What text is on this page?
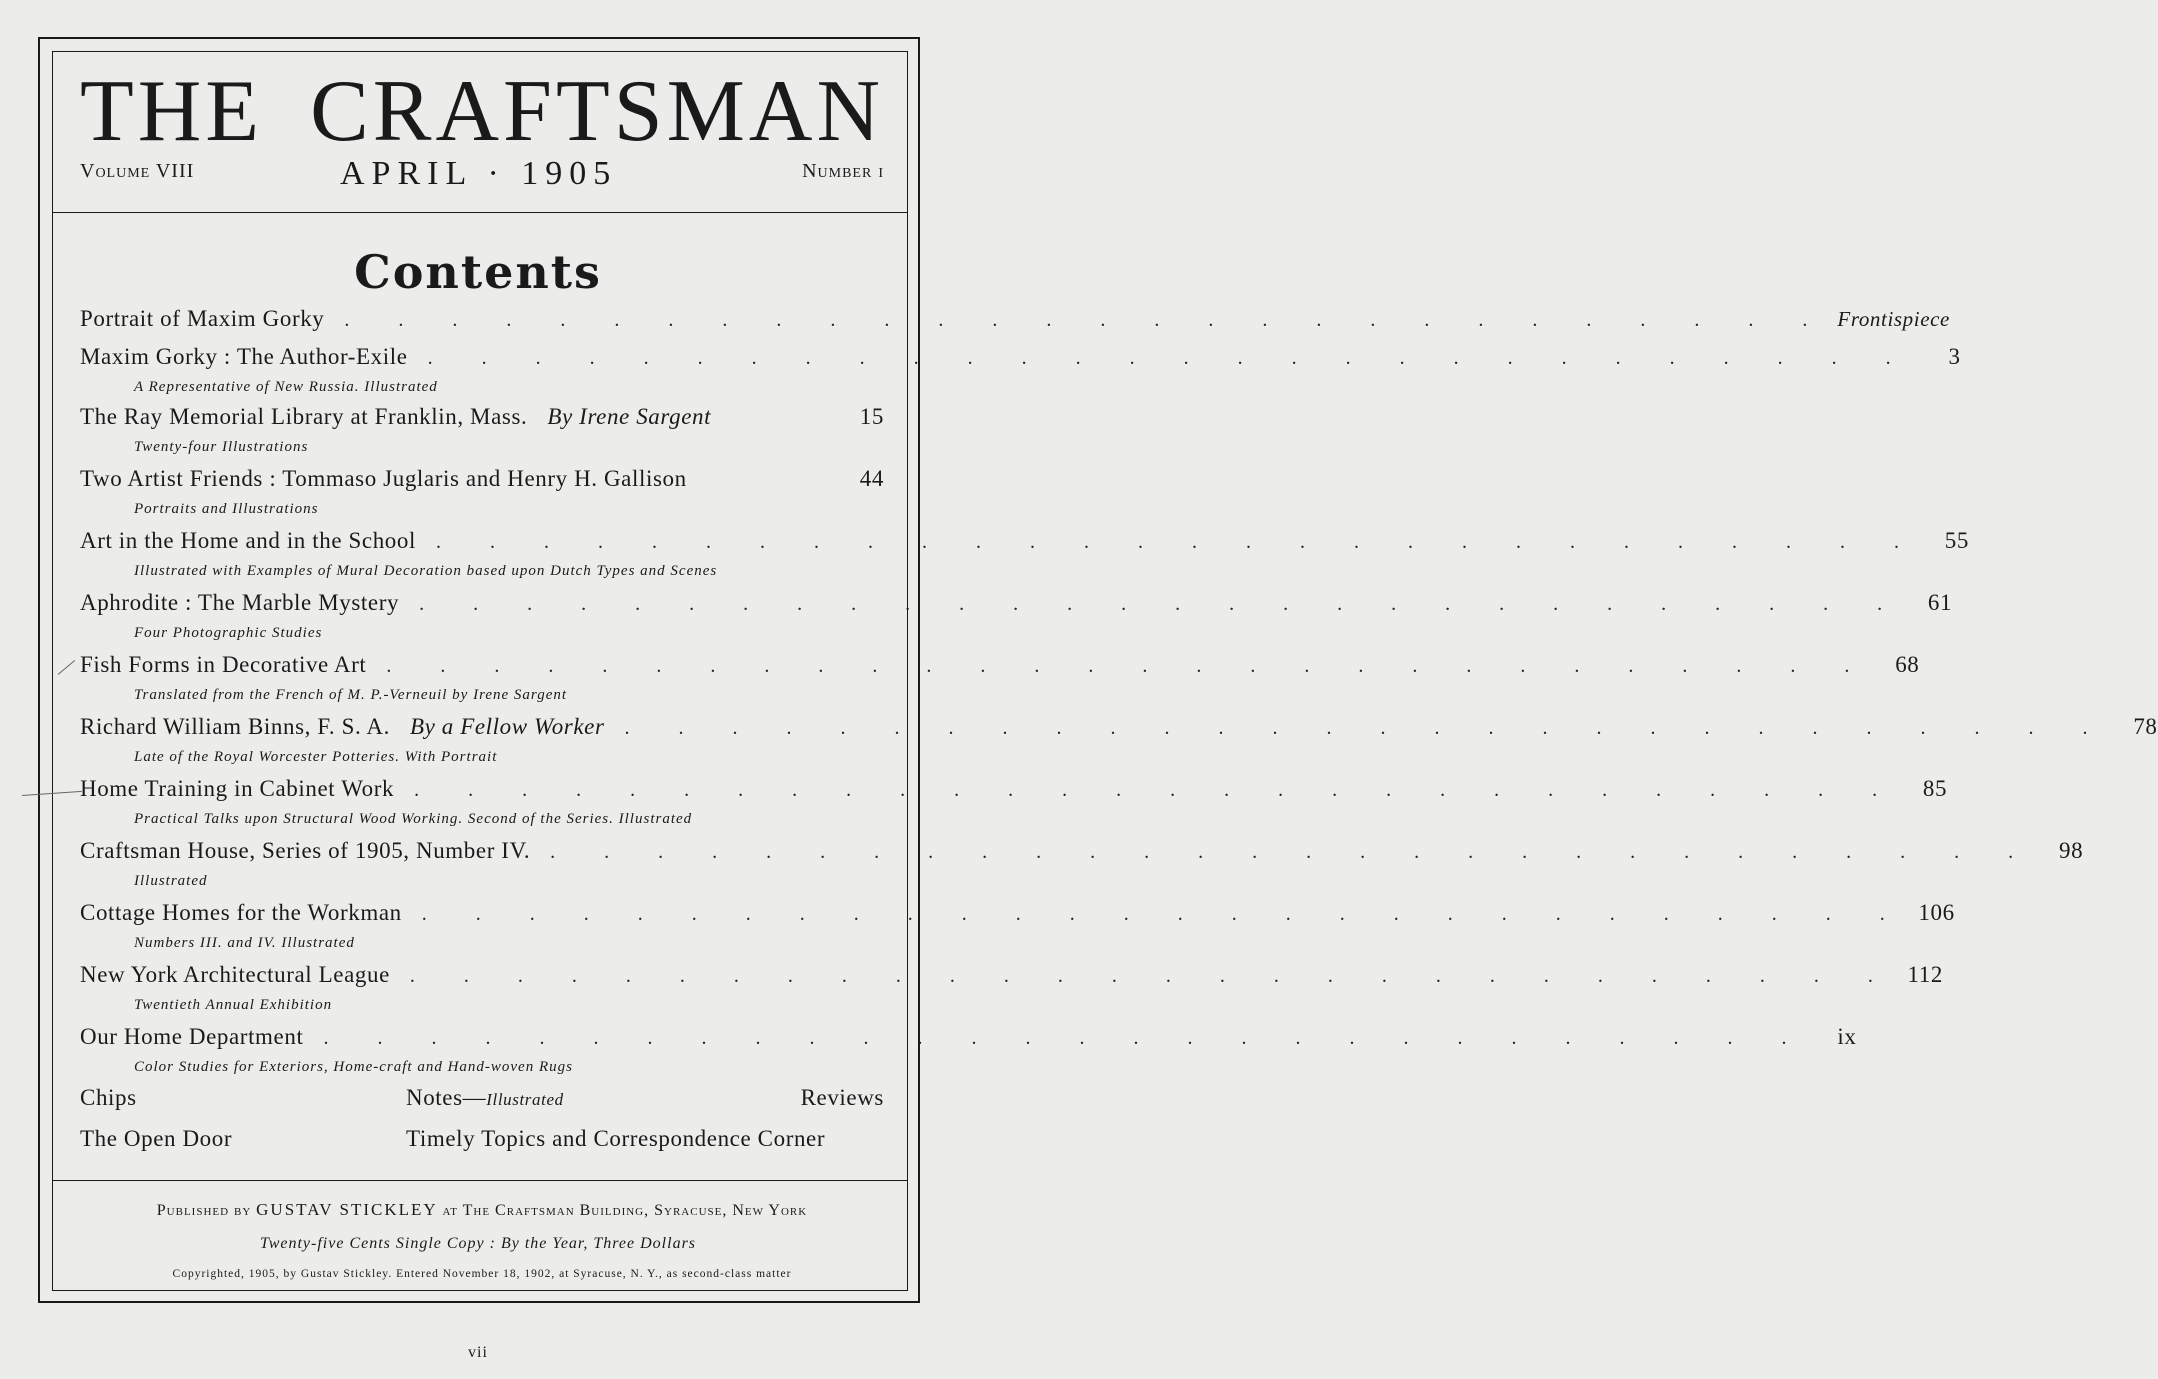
THE CRAFTSMAN
Volume VIII	APRIL · 1905	Number i
Contents
Portrait of Maxim Gorky	. . . . . . . . . . . . . . . . . . . . . . . . . . . . Frontispiece
Maxim Gorky : The Author-Exile	. . . . . . . . . . . . . . . . . . . . . . . . . . . .	3
A Representative of New Russia. Illustrated
The Ray Memorial Library at Franklin, Mass. By Irene Sargent	15
Twenty-four Illustrations
Two Artist Friends : Tommaso Juglaris and Henry H. Gallison	44
Portraits and Illustrations
Art in the Home and in the School	. . . . . . . . . . . . . . . . . . . . . . . . . . . .	55
Illustrated with Examples of Mural Decoration based upon Dutch Types and Scenes
Aphrodite : The Marble Mystery	. . . . . . . . . . . . . . . . . . . . . . . . . . . .	61
Four Photographic Studies
Fish Forms in Decorative Art	. . . . . . . . . . . . . . . . . . . . . . . . . . . .	68
Translated from the French of M. P.-Verneuil by Irene Sargent
Richard William Binns, F. S. A. By a Fellow Worker	. . . . . . . . . . . . . . . . . . . . . . . . . . . .	78
Late of the Royal Worcester Potteries. With Portrait
Home Training in Cabinet Work	. . . . . . . . . . . . . . . . . . . . . . . . . . . .	85
Practical Talks upon Structural Wood Working. Second of the Series. Illustrated
Craftsman House, Series of 1905, Number IV.	. . . . . . . . . . . . . . . . . . . . . . . . . . . .	98
Illustrated
Cottage Homes for the Workman	. . . . . . . . . . . . . . . . . . . . . . . . . . . . 106
Numbers III. and IV. Illustrated
New York Architectural League	. . . . . . . . . . . . . . . . . . . . . . . . . . . . 112
Twentieth Annual Exhibition
Our Home Department	. . . . . . . . . . . . . . . . . . . . . . . . . . . .	ix
Color Studies for Exteriors, Home-craft and Hand-woven Rugs
Chips	Notes—Illustrated	Reviews
The Open Door	Timely Topics and Correspondence Corner
Published by GUSTAV STICKLEY at The Craftsman Building, Syracuse, New York
Twenty-five Cents Single Copy : By the Year, Three Dollars
Copyrighted, 1905, by Gustav Stickley. Entered November 18, 1902, at Syracuse, N. Y., as second-class matter
vii
